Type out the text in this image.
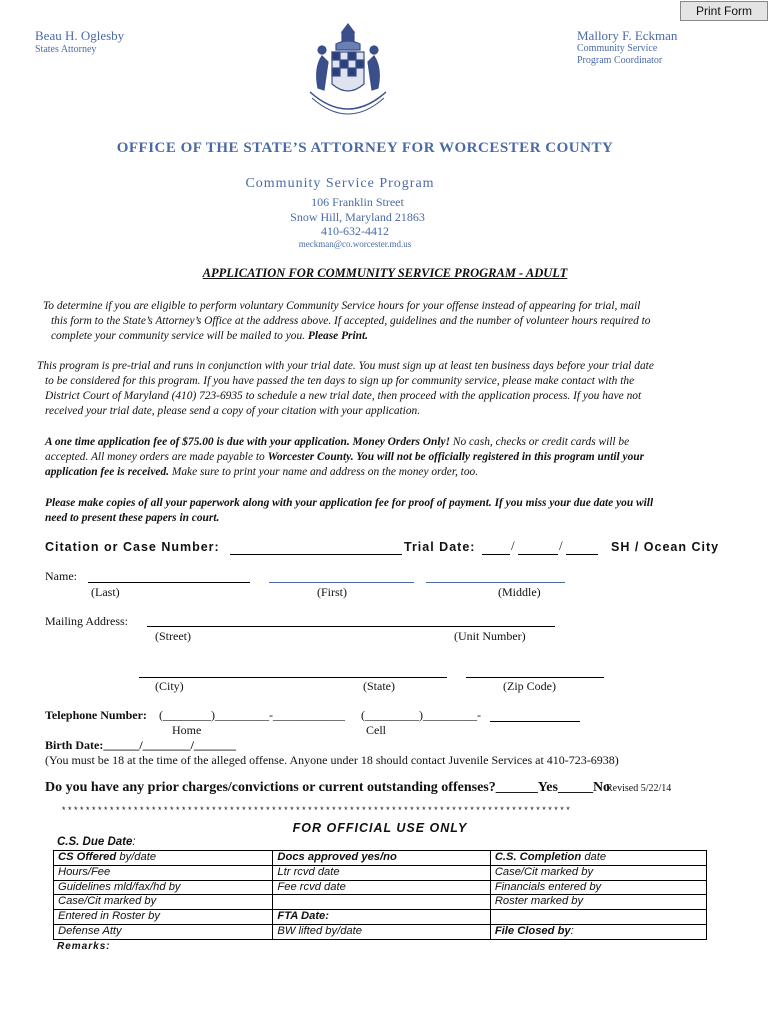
Print Form
Beau H. Oglesby
States Attorney
Mallory F. Eckman
Community Service
Program Coordinator
OFFICE OF THE STATE’S ATTORNEY FOR WORCESTER COUNTY
Community Service Program
106 Franklin Street
Snow Hill, Maryland 21863
410-632-4412
meckman@co.worcester.md.us
APPLICATION FOR COMMUNITY SERVICE PROGRAM - ADULT
To determine if you are eligible to perform voluntary Community Service hours for your offense instead of appearing for trial, mail
this form to the State’s Attorney’s Office at the address above. If accepted, guidelines and the number of volunteer hours required to
complete your community service will be mailed to you. Please Print.
This program is pre-trial and runs in conjunction with your trial date. You must sign up at least ten business days before your trial date
to be considered for this program. If you have passed the ten days to sign up for community service, please make contact with the
District Court of Maryland (410) 723-6935 to schedule a new trial date, then proceed with the application process. If you have not
received your trial date, please send a copy of your citation with your application.
A one time application fee of $75.00 is due with your application. Money Orders Only! No cash, checks or credit cards will be
accepted. All money orders are made payable to Worcester County. You will not be officially registered in this program until your
application fee is received. Make sure to print your name and address on the money order, too.
Please make copies of all your paperwork along with your application fee for proof of payment. If you miss your due date you will
need to present these papers in court.
Citation or Case Number:	Trial Date:	/	/	SH / Ocean City
Name:
(Last)	(First)	(Middle)
Mailing Address:
(Street)	(Unit Number)
(City)	(State)	(Zip Code)
Telephone Number: (________)_________-____________ (_________)_________-
Home	Cell
Birth Date:______/________/_______
(You must be 18 at the time of the alleged offense. Anyone under 18 should contact Juvenile Services at 410-723-6938)
Do you have any prior charges/convictions or current outstanding offenses?______Yes_____No
Revised 5/22/14
* * * * * * * * * * * * * * * * * * * * * * * * * * * * * * * * * * * * * * * * * * * * * * * * * * * * * * * * * * * * * * * * * * * * * * * * * * * * * * * * * * * * *
FOR OFFICIAL USE ONLY
C.S. Due Date:
CS Offered by/date	Docs approved yes/no	C.S. Completion date
Hours/Fee	Ltr rcvd date	Case/Cit marked by
Guidelines mld/fax/hd by	Fee rcvd date	Financials entered by
Case/Cit marked by		Roster marked by
Entered in Roster by	FTA Date:	
Defense Atty	BW lifted by/date	File Closed by:
Remarks:
